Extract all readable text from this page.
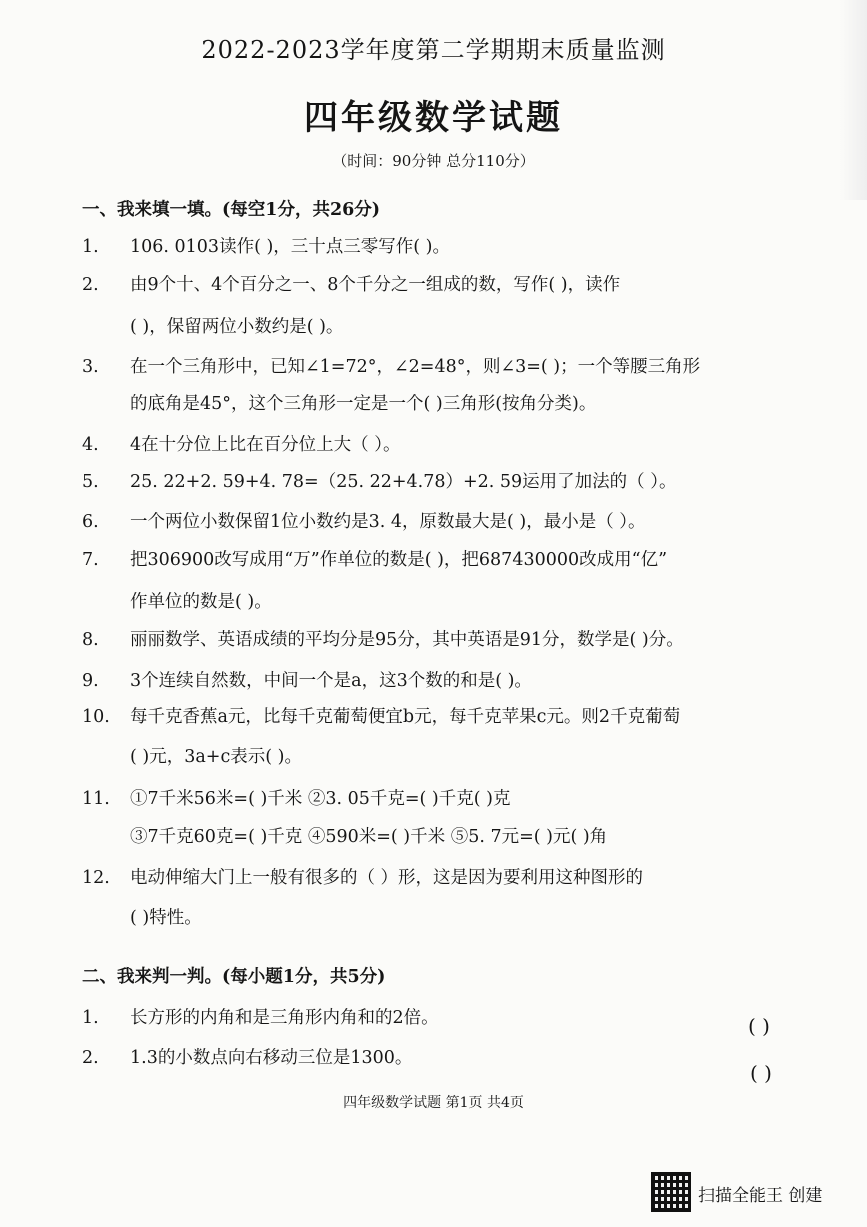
2022-2023学年度第二学期期末质量监测
四年级数学试题
（时间：90分钟 总分110分）
一、我来填一填。(每空1分，共26分)
1. 106. 0103读作( )，三十点三零写作( )。
2. 由9个十、4个百分之一、8个千分之一组成的数，写作( )，读作
( )，保留两位小数约是( )。
3. 在一个三角形中，已知∠1=72°，∠2=48°，则∠3=( )；一个等腰三角形
的底角是45°，这个三角形一定是一个( )三角形(按角分类)。
4. 4在十分位上比在百分位上大（ ）。
5. 25. 22+2. 59+4. 78=（25. 22+4.78）+2. 59运用了加法的（ ）。
6. 一个两位小数保留1位小数约是3. 4，原数最大是( )，最小是（ ）。
7. 把306900改写成用“万”作单位的数是( )，把687430000改成用“亿”
作单位的数是( )。
8. 丽丽数学、英语成绩的平均分是95分，其中英语是91分，数学是( )分。
9. 3个连续自然数，中间一个是a，这3个数的和是( )。
10. 每千克香蕉a元，比每千克葡萄便宜b元，每千克苹果c元。则2千克葡萄
( )元，3a+c表示( )。
11. ①7千米56米=( )千米 ②3. 05千克=( )千克( )克
③7千克60克=( )千克 ④590米=( )千米 ⑤5. 7元=( )元( )角
12. 电动伸缩大门上一般有很多的（ ）形，这是因为要利用这种图形的
( )特性。
二、我来判一判。(每小题1分，共5分)
1. 长方形的内角和是三角形内角和的2倍。	( )
2. 1.3的小数点向右移动三位是1300。
( )
四年级数学试题 第1页 共4页
扫描全能王 创建
